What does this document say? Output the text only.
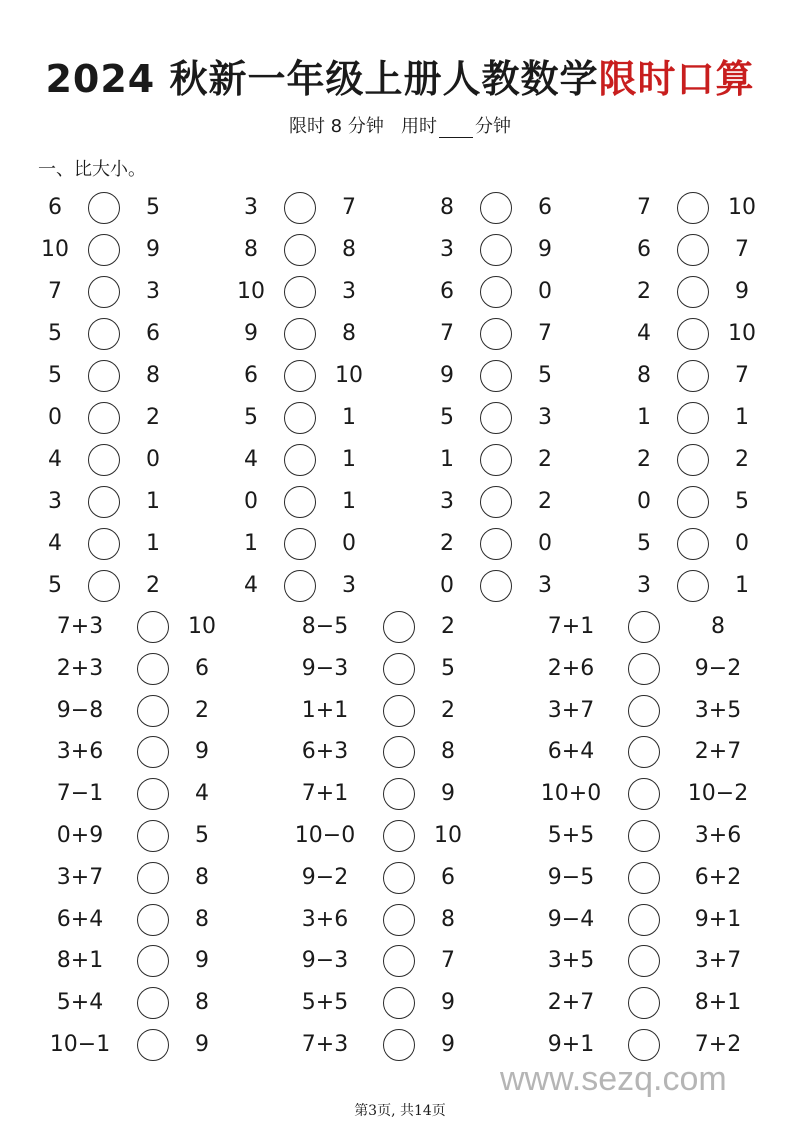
2024 秋新一年级上册人教数学限时口算
限时 8 分钟 用时 分钟
一、比大小。
6	5
10	9
7	3
5	6
5	8
0	2
4	0
3	1
4	1
5	2
3	7
8	8
10	3
9	8
6	10
5	1
4	1
0	1
1	0
4	3
8	6
3	9
6	0
7	7
9	5
5	3
1	2
3	2
2	0
0	3
7	10
6	7
2	9
4	10
8	7
1	1
2	2
0	5
5	0
3	1
7+3	10
2+3	6
9−8	2
3+6	9
7−1	4
0+9	5
3+7	8
6+4	8
8+1	9
5+4	8
10−1	9
8−5	2
9−3	5
1+1	2
6+3	8
7+1	9
10−0	10
9−2	6
3+6	8
9−3	7
5+5	9
7+3	9
7+1	8
2+6	9−2
3+7	3+5
6+4	2+7
10+0	10−2
5+5	3+6
9−5	6+2
9−4	9+1
3+5	3+7
2+7	8+1
9+1	7+2
www.sezq.com
第3页, 共14页
